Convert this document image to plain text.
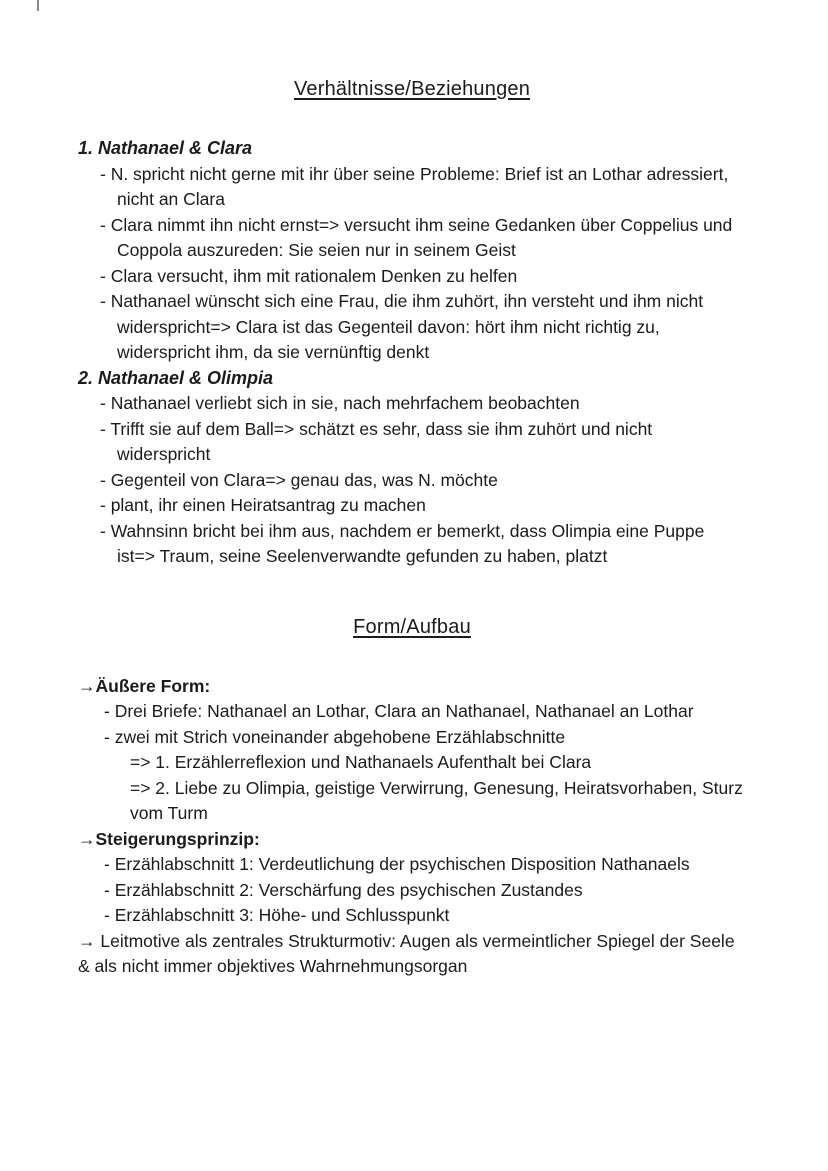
Verhältnisse/Beziehungen

1. Nathanael & Clara

- N. spricht nicht gerne mit ihr über seine Probleme: Brief ist an Lothar adressiert, nicht an Clara

- Clara nimmt ihn nicht ernst=> versucht ihm seine Gedanken über Coppelius und Coppola auszureden: Sie seien nur in seinem Geist

- Clara versucht, ihm mit rationalem Denken zu helfen

- Nathanael wünscht sich eine Frau, die ihm zuhört, ihn versteht und ihm nicht widerspricht=> Clara ist das Gegenteil davon: hört ihm nicht richtig zu, widerspricht ihm, da sie vernünftig denkt

2. Nathanael & Olimpia

- Nathanael verliebt sich in sie, nach mehrfachem beobachten

- Trifft sie auf dem Ball=> schätzt es sehr, dass sie ihm zuhört und nicht widerspricht

- Gegenteil von Clara=> genau das, was N. möchte

- plant, ihr einen Heiratsantrag zu machen

- Wahnsinn bricht bei ihm aus, nachdem er bemerkt, dass Olimpia eine Puppe ist=> Traum, seine Seelenverwandte gefunden zu haben, platzt

Form/Aufbau

→Äußere Form:

- Drei Briefe: Nathanael an Lothar, Clara an Nathanael, Nathanael an Lothar

- zwei mit Strich voneinander abgehobene Erzählabschnitte

=> 1. Erzählerreflexion und Nathanaels Aufenthalt bei Clara

=> 2. Liebe zu Olimpia, geistige Verwirrung, Genesung, Heiratsvorhaben, Sturz vom Turm

→Steigerungsprinzip:

- Erzählabschnitt 1: Verdeutlichung der psychischen Disposition Nathanaels

- Erzählabschnitt 2: Verschärfung des psychischen Zustandes

- Erzählabschnitt 3: Höhe- und Schlusspunkt

→ Leitmotive als zentrales Strukturmotiv: Augen als vermeintlicher Spiegel der Seele & als nicht immer objektives Wahrnehmungsorgan
